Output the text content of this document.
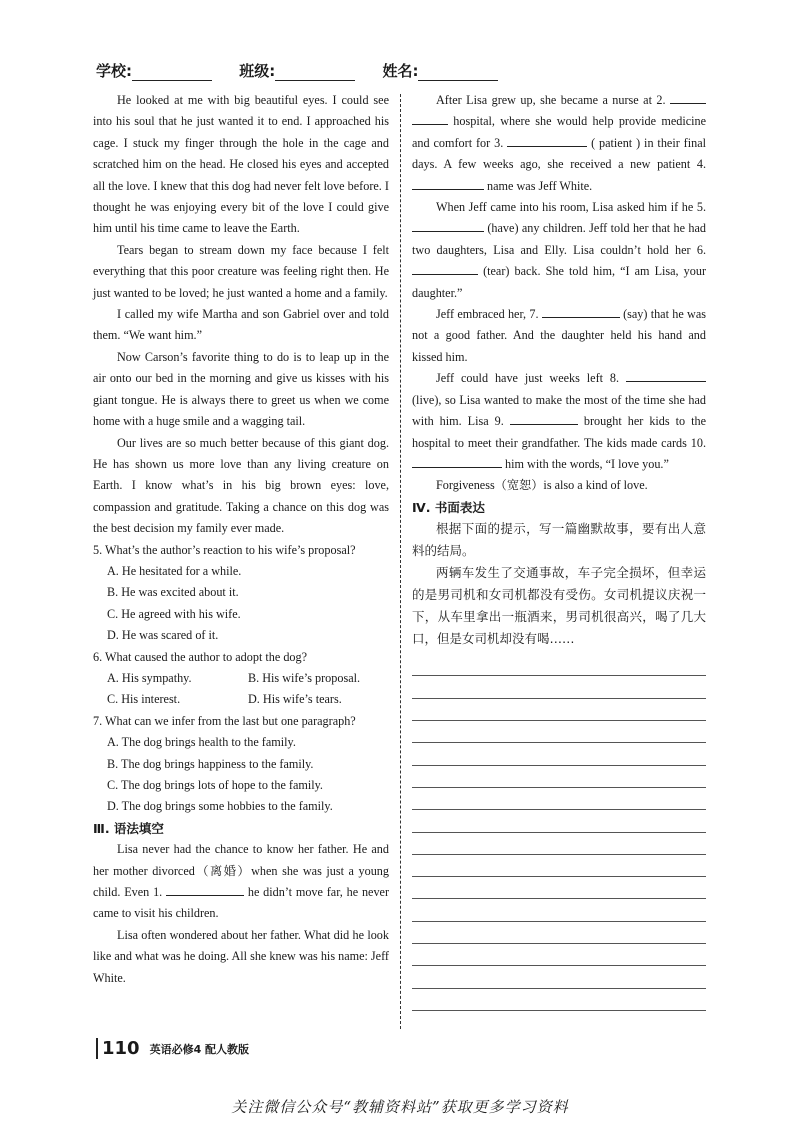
学校:	班级:	姓名:

He looked at me with big beautiful eyes. I could see into his soul that he just wanted it to end. I approached his cage. I stuck my finger through the hole in the cage and scratched him on the head. He closed his eyes and accepted all the love. I knew that this dog had never felt love before. I thought he was enjoying every bit of the love I could give him until his time came to leave the Earth.

Tears began to stream down my face because I felt everything that this poor creature was feeling right then. He just wanted to be loved; he just wanted a home and a family.

I called my wife Martha and son Gabriel over and told them. “We want him.”

Now Carson’s favorite thing to do is to leap up in the air onto our bed in the morning and give us kisses with his giant tongue. He is always there to greet us when we come home with a huge smile and a wagging tail.

Our lives are so much better because of this giant dog. He has shown us more love than any living creature on Earth. I know what’s in his big brown eyes: love, compassion and gratitude. Taking a chance on this dog was the best decision my family ever made.

5. What’s the author’s reaction to his wife’s proposal?

A. He hesitated for a while.

B. He was excited about it.

C. He agreed with his wife.

D. He was scared of it.

6. What caused the author to adopt the dog?

A. His sympathy.	B. His wife’s proposal.
C. His interest.	D. His wife’s tears.

7. What can we infer from the last but one paragraph?

A. The dog brings health to the family.

B. The dog brings happiness to the family.

C. The dog brings lots of hope to the family.

D. The dog brings some hobbies to the family.

Ⅲ. 语法填空

Lisa never had the chance to know her father. He and her mother divorced（离婚）when she was just a young child. Even 1.	he didn’t move far, he never came to visit his children.

Lisa often wondered about her father. What did he look like and what was he doing. All she knew was his name: Jeff White.

After Lisa grew up, she became a nurse at 2.   hospital, where she would help provide medicine and comfort for 3.	( patient ) in their final days. A few weeks ago, she received a new patient 4.  name was Jeff White.

When Jeff came into his room, Lisa asked him if he 5.  (have) any children. Jeff told her that he had two daughters, Lisa and Elly. Lisa couldn’t hold her 6.  (tear) back. She told him, “I am Lisa, your daughter.”

Jeff embraced her, 7.	(say) that he was not a good father. And the daughter held his hand and kissed him.

Jeff could have just weeks left 8.  (live), so Lisa wanted to make the most of the time she had with him. Lisa 9.	brought her kids to the hospital to meet their grandfather. The kids made cards 10.  him with the words, “I love you.”

Forgiveness（宽恕）is also a kind of love.

Ⅳ. 书面表达

根据下面的提示，写一篇幽默故事，要有出人意料的结局。

两辆车发生了交通事故，车子完全损坏，但幸运的是男司机和女司机都没有受伤。女司机提议庆祝一下，从车里拿出一瓶酒来，男司机很高兴，喝了几大口，但是女司机却没有喝……

110 英语必修4 配人教版
关注微信公众号“教辅资料站”获取更多学习资料
